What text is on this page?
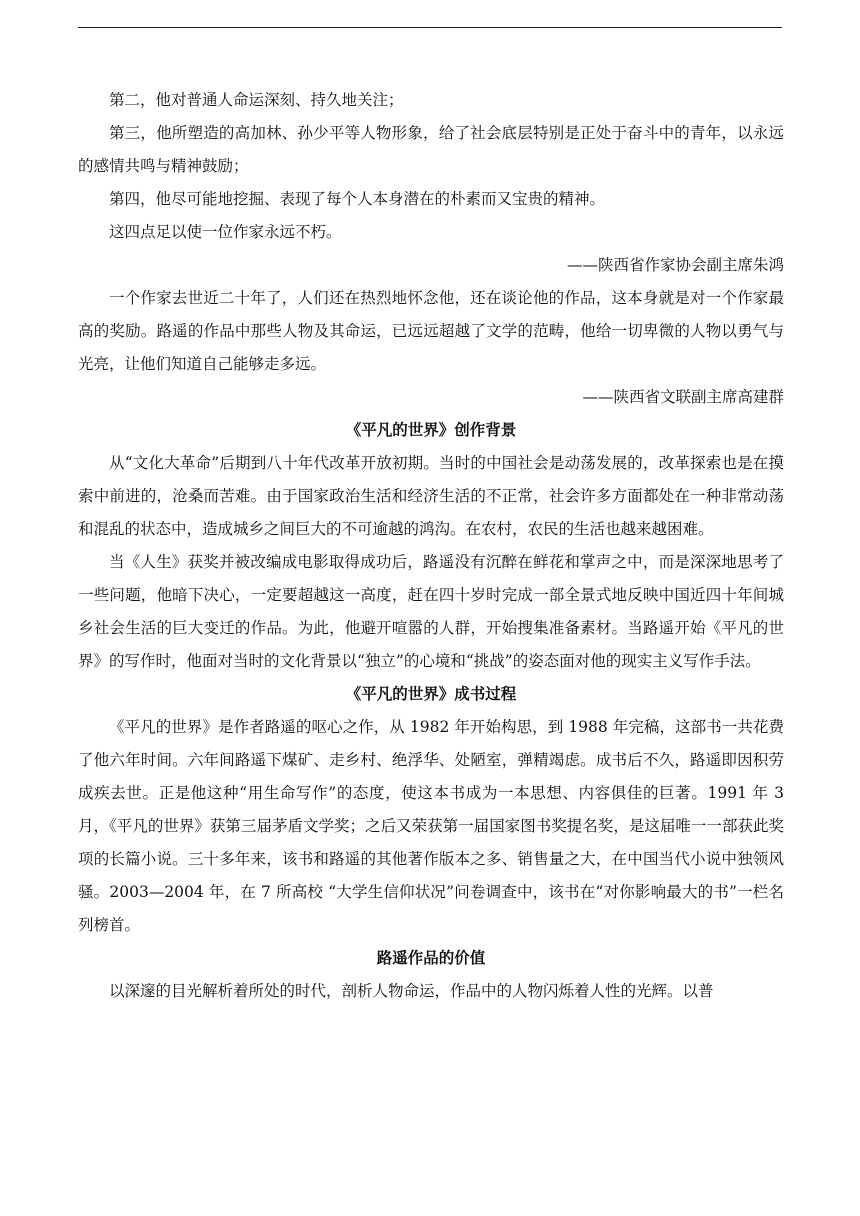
第二，他对普通人命运深刻、持久地关注；

第三，他所塑造的高加林、孙少平等人物形象，给了社会底层特别是正处于奋斗中的青年，以永远的感情共鸣与精神鼓励；

第四，他尽可能地挖掘、表现了每个人本身潜在的朴素而又宝贵的精神。

这四点足以使一位作家永远不朽。

——陕西省作家协会副主席朱鸿

一个作家去世近二十年了，人们还在热烈地怀念他，还在谈论他的作品，这本身就是对一个作家最高的奖励。路遥的作品中那些人物及其命运，已远远超越了文学的范畴，他给一切卑微的人物以勇气与光亮，让他们知道自己能够走多远。

——陕西省文联副主席高建群

《平凡的世界》创作背景

从“文化大革命”后期到八十年代改革开放初期。当时的中国社会是动荡发展的，改革探索也是在摸索中前进的，沧桑而苦难。由于国家政治生活和经济生活的不正常，社会许多方面都处在一种非常动荡和混乱的状态中，造成城乡之间巨大的不可逾越的鸿沟。在农村，农民的生活也越来越困难。

当《人生》获奖并被改编成电影取得成功后，路遥没有沉醉在鲜花和掌声之中，而是深深地思考了一些问题，他暗下决心，一定要超越这一高度，赶在四十岁时完成一部全景式地反映中国近四十年间城乡社会生活的巨大变迁的作品。为此，他避开喧嚣的人群，开始搜集准备素材。当路遥开始《平凡的世界》的写作时，他面对当时的文化背景以“独立”的心境和“挑战”的姿态面对他的现实主义写作手法。

《平凡的世界》成书过程

《平凡的世界》是作者路遥的呕心之作，从 1982 年开始构思，到 1988 年完稿，这部书一共花费了他六年时间。六年间路遥下煤矿、走乡村、绝浮华、处陋室，弹精竭虑。成书后不久，路遥即因积劳成疾去世。正是他这种“用生命写作”的态度，使这本书成为一本思想、内容俱佳的巨著。1991 年 3 月，《平凡的世界》获第三届茅盾文学奖；之后又荣获第一届国家图书奖提名奖，是这届唯一一部获此奖项的长篇小说。三十多年来，该书和路遥的其他著作版本之多、销售量之大，在中国当代小说中独领风骚。2003—2004 年，在 7 所高校 “大学生信仰状况”问卷调查中，该书在“对你影响最大的书”一栏名列榜首。

路遥作品的价值

以深邃的目光解析着所处的时代，剖析人物命运，作品中的人物闪烁着人性的光辉。以普
